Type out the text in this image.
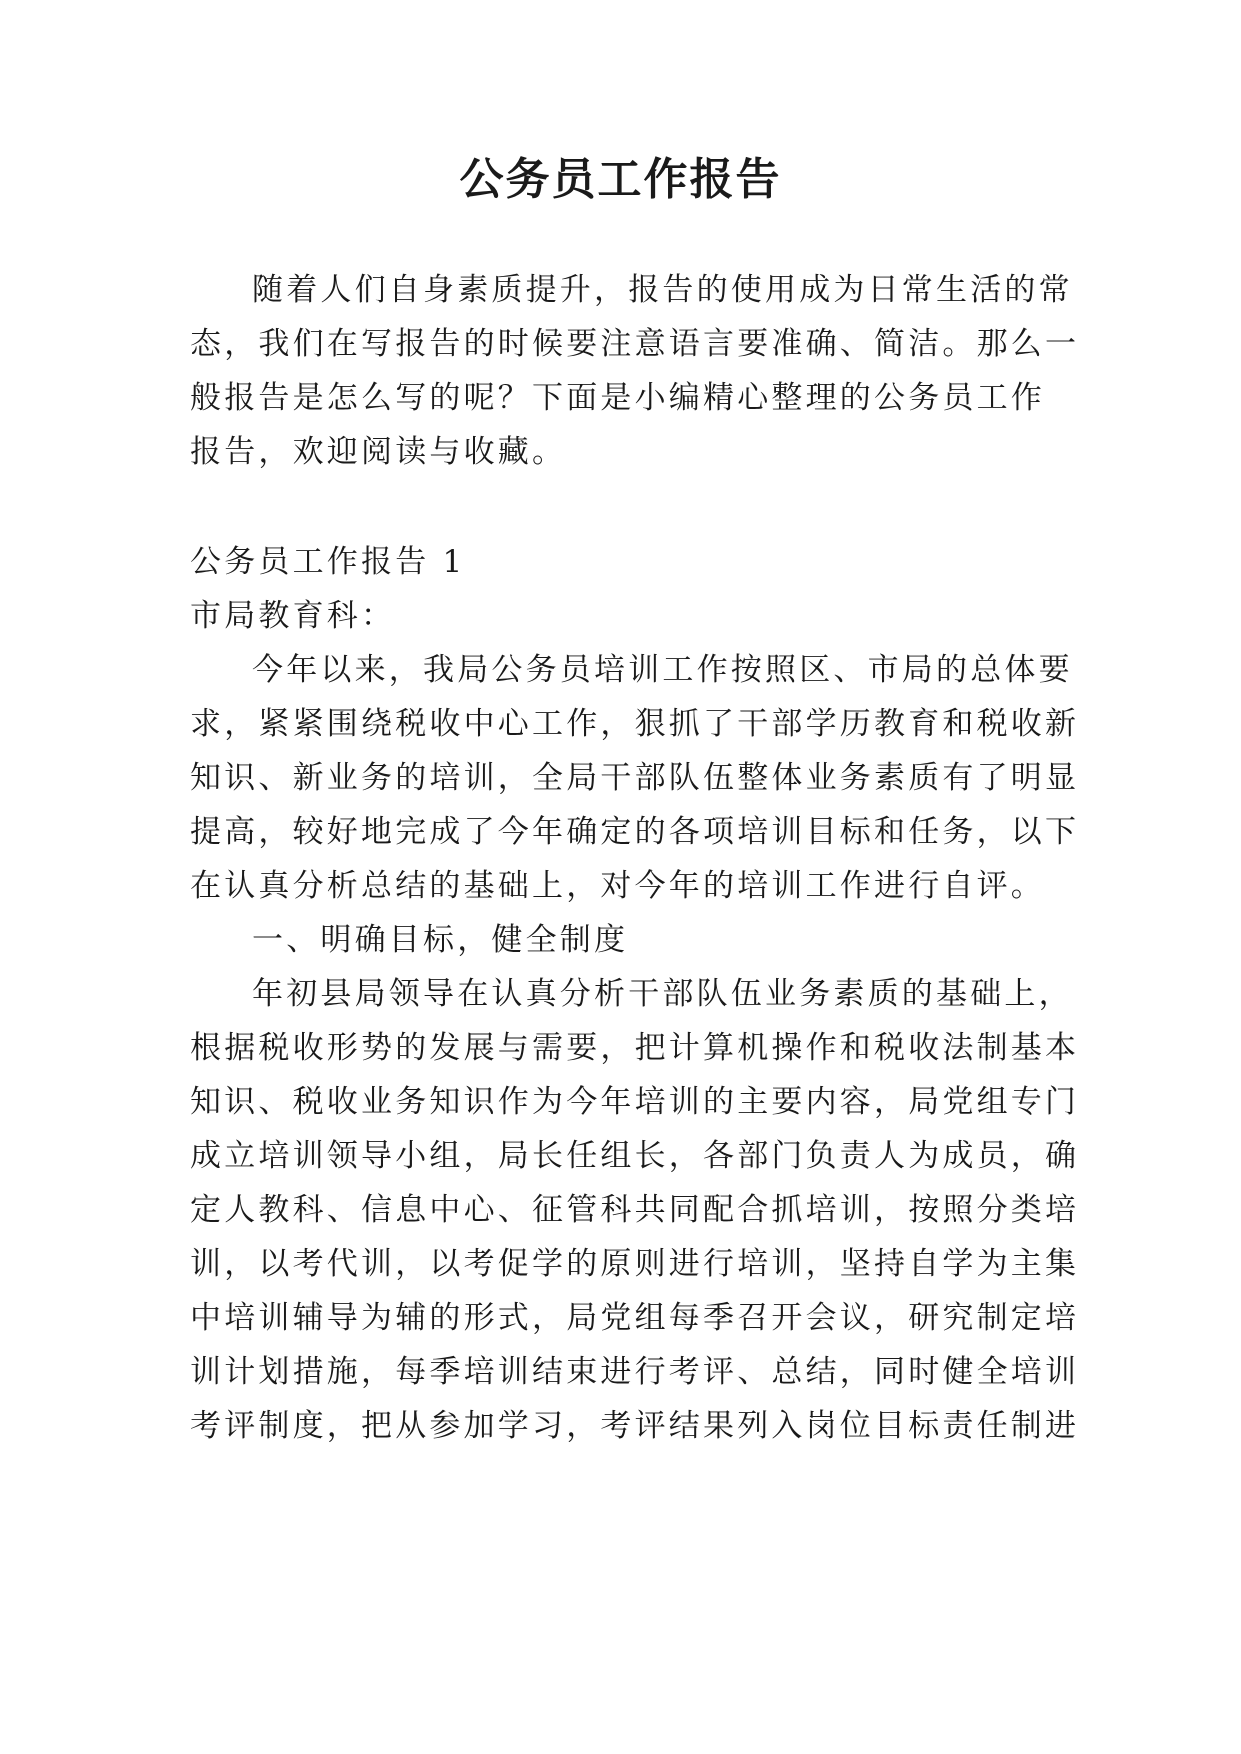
公务员工作报告
随着人们自身素质提升，报告的使用成为日常生活的常
态，我们在写报告的时候要注意语言要准确、简洁。那么一
般报告是怎么写的呢？下面是小编精心整理的公务员工作
报告，欢迎阅读与收藏。
公务员工作报告 1
市局教育科：
今年以来，我局公务员培训工作按照区、市局的总体要
求，紧紧围绕税收中心工作，狠抓了干部学历教育和税收新
知识、新业务的培训，全局干部队伍整体业务素质有了明显
提高，较好地完成了今年确定的各项培训目标和任务，以下
在认真分析总结的基础上，对今年的培训工作进行自评。
一、明确目标，健全制度
年初县局领导在认真分析干部队伍业务素质的基础上，
根据税收形势的发展与需要，把计算机操作和税收法制基本
知识、税收业务知识作为今年培训的主要内容，局党组专门
成立培训领导小组，局长任组长，各部门负责人为成员，确
定人教科、信息中心、征管科共同配合抓培训，按照分类培
训，以考代训，以考促学的原则进行培训，坚持自学为主集
中培训辅导为辅的形式，局党组每季召开会议，研究制定培
训计划措施，每季培训结束进行考评、总结，同时健全培训
考评制度，把从参加学习，考评结果列入岗位目标责任制进
